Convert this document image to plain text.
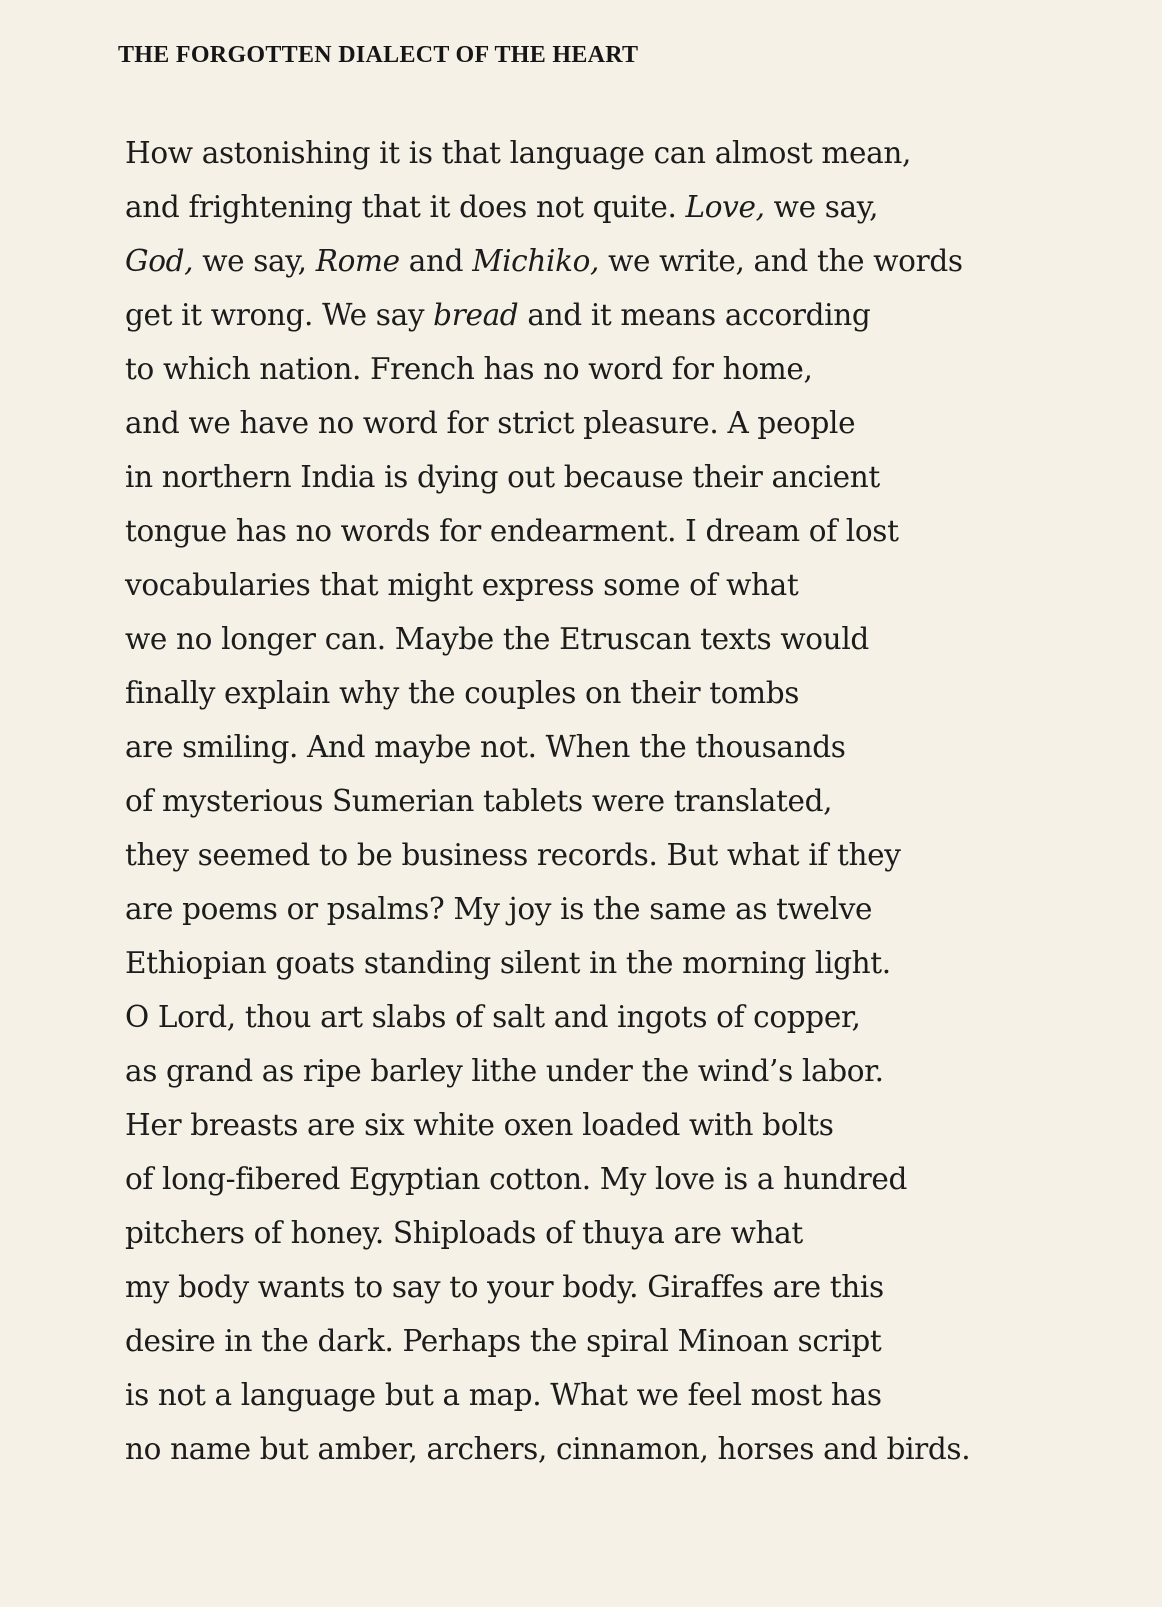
THE FORGOTTEN DIALECT OF THE HEART
How astonishing it is that language can almost mean,
and frightening that it does not quite. Love, we say,
God, we say, Rome and Michiko, we write, and the words
get it wrong. We say bread and it means according
to which nation. French has no word for home,
and we have no word for strict pleasure. A people
in northern India is dying out because their ancient
tongue has no words for endearment. I dream of lost
vocabularies that might express some of what
we no longer can. Maybe the Etruscan texts would
finally explain why the couples on their tombs
are smiling. And maybe not. When the thousands
of mysterious Sumerian tablets were translated,
they seemed to be business records. But what if they
are poems or psalms? My joy is the same as twelve
Ethiopian goats standing silent in the morning light.
O Lord, thou art slabs of salt and ingots of copper,
as grand as ripe barley lithe under the wind’s labor.
Her breasts are six white oxen loaded with bolts
of long-fibered Egyptian cotton. My love is a hundred
pitchers of honey. Shiploads of thuya are what
my body wants to say to your body. Giraffes are this
desire in the dark. Perhaps the spiral Minoan script
is not a language but a map. What we feel most has
no name but amber, archers, cinnamon, horses and birds.
